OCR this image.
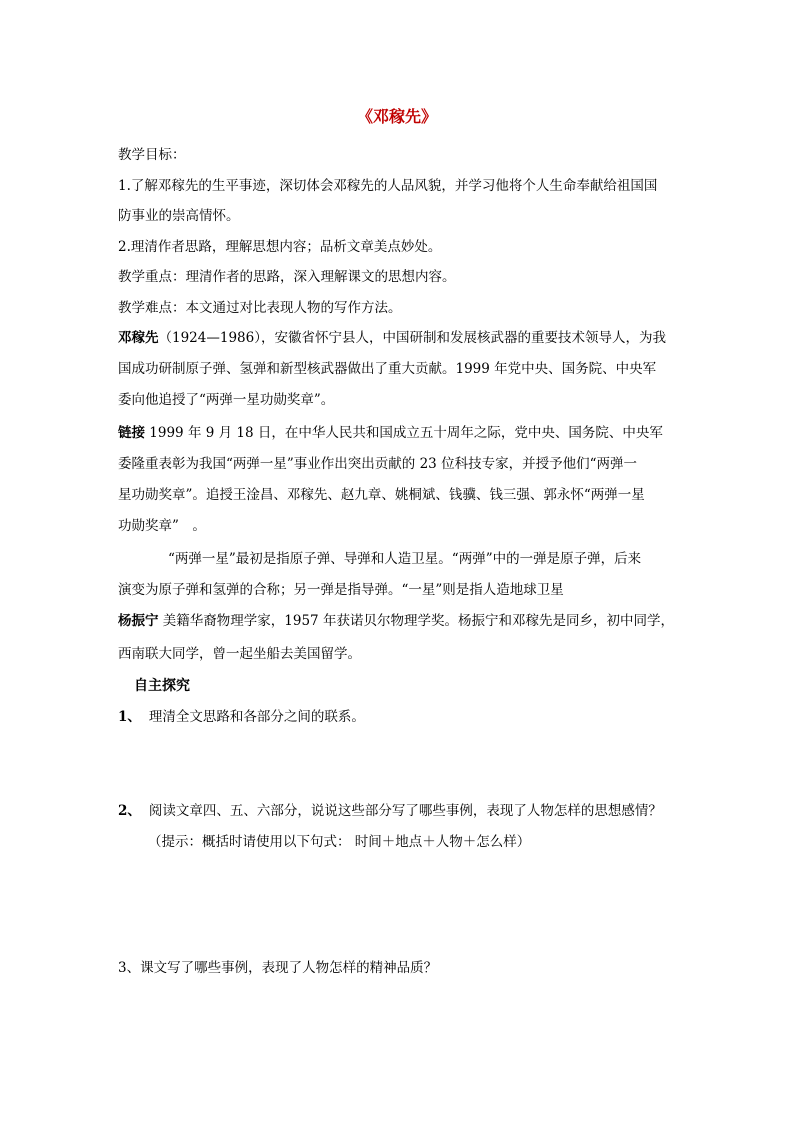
《邓稼先》
教学目标：
1.了解邓稼先的生平事迹，深切体会邓稼先的人品风貌，并学习他将个人生命奉献给祖国国
防事业的崇高情怀。
2.理清作者思路，理解思想内容；品析文章美点妙处。
教学重点：理清作者的思路，深入理解课文的思想内容。
教学难点：本文通过对比表现人物的写作方法。
邓稼先（1924—1986），安徽省怀宁县人，中国研制和发展核武器的重要技术领导人，为我
国成功研制原子弹、氢弹和新型核武器做出了重大贡献。1999 年党中央、国务院、中央军
委向他追授了“两弹一星功勋奖章”。
链接 1999 年 9 月 18 日，在中华人民共和国成立五十周年之际，党中央、国务院、中央军
委隆重表彰为我国“两弹一星”事业作出突出贡献的 23 位科技专家，并授予他们“两弹一
星功勋奖章”。追授王淦昌、邓稼先、赵九章、姚桐斌、钱骥、钱三强、郭永怀“两弹一星
功勋奖章”　。
“两弹一星”最初是指原子弹、导弹和人造卫星。“两弹”中的一弹是原子弹，后来
演变为原子弹和氢弹的合称；另一弹是指导弹。“一星”则是指人造地球卫星
杨振宁 美籍华裔物理学家，1957 年获诺贝尔物理学奖。杨振宁和邓稼先是同乡，初中同学，
西南联大同学，曾一起坐船去美国留学。
自主探究
1、 理清全文思路和各部分之间的联系。
2、 阅读文章四、五、六部分，说说这些部分写了哪些事例，表现了人物怎样的思想感情？
（提示：概括时请使用以下句式： 时间＋地点＋人物＋怎么样）
3、课文写了哪些事例，表现了人物怎样的精神品质？
